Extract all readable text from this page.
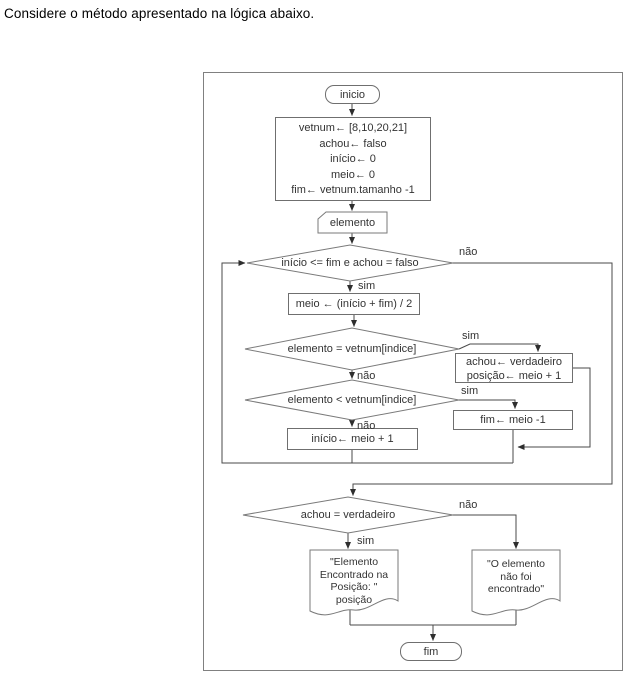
Considere o método apresentado na lógica abaixo.
inicio
vetnum← [8,10,20,21]
achou← falso
início← 0
meio← 0
fim← vetnum.tamanho -1
meio ← (início + fim) / 2
achou← verdadeiro
posição← meio + 1
fim← meio -1
início← meio + 1
fim
elemento
início <= fim e achou = falso
elemento = vetnum[indice]
elemento < vetnum[indice]
achou = verdadeiro
"Elemento
Encontrado na
Posição: "
posição
"O elemento
não foi
encontrado"
sim
não
sim
não
sim
não
sim
não
